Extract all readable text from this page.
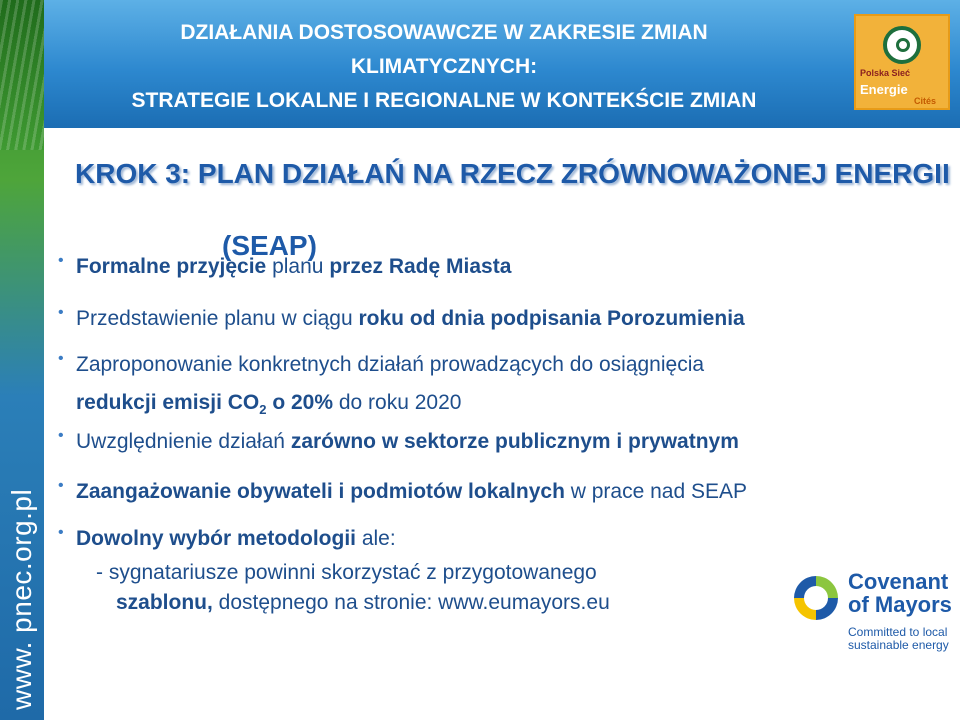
www. pnec.org.pl
DZIAŁANIA DOSTOSOWAWCZE W ZAKRESIE ZMIAN
KLIMATYCZNYCH:
STRATEGIE LOKALNE I REGIONALNE W KONTEKŚCIE ZMIAN
Polska Sieć
Energie
Cités
KROK 3: PLAN DZIAŁAŃ NA RZECZ ZRÓWNOWAŻONEJ ENERGII
(SEAP)
• Formalne przyjęcie planu przez Radę Miasta
• Przedstawienie planu w ciągu roku od dnia podpisania Porozumienia
• Zaproponowanie konkretnych działań prowadzących do osiągnięcia
redukcji emisji $CO_2$ o 20% do roku 2020
• Uwzględnienie działań zarówno w sektorze publicznym i prywatnym
• Zaangażowanie obywateli i podmiotów lokalnych w prace nad SEAP
• Dowolny wybór metodologii ale:
- sygnatariusze powinni skorzystać z przygotowanego
szablonu, dostępnego na stronie: www.eumayors.eu
Covenant
of Mayors
Committed to local
sustainable energy
